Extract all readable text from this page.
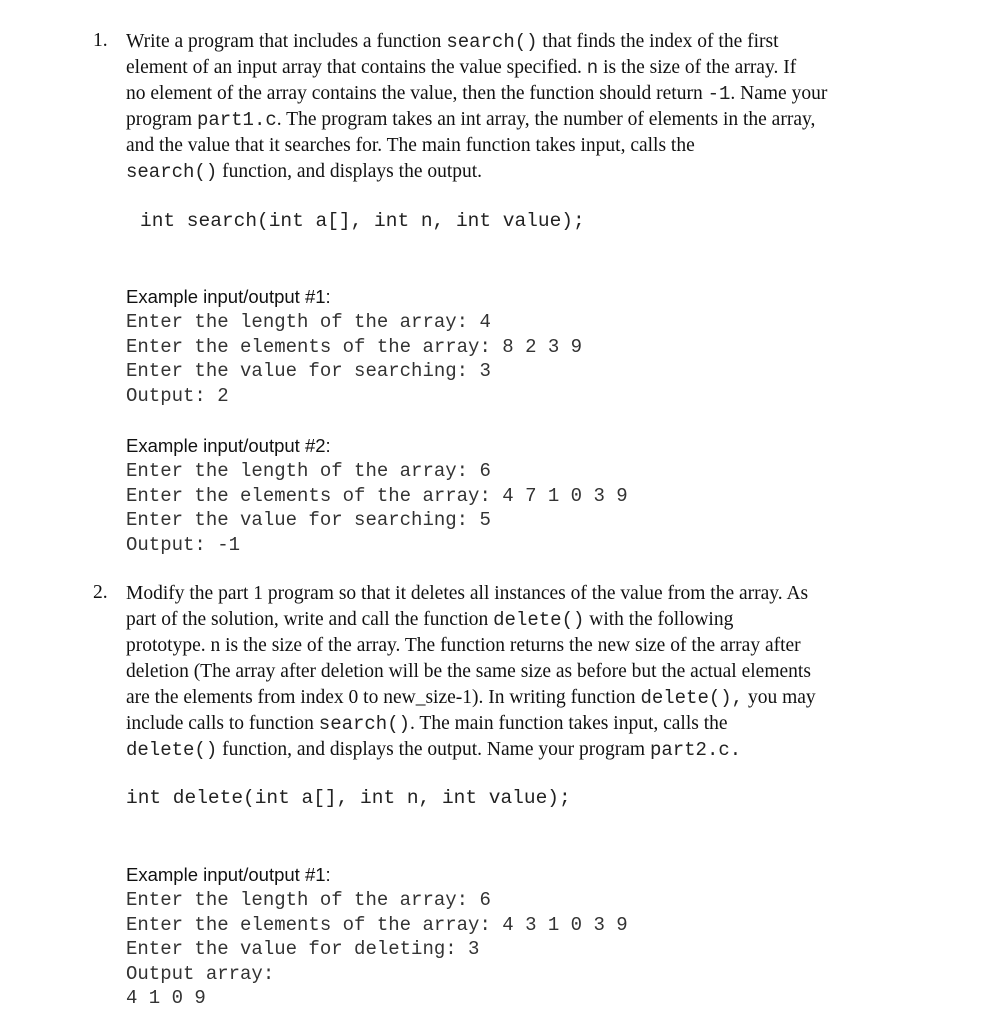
1. Write a program that includes a function search() that finds the index of the first
element of an input array that contains the value specified. n is the size of the array. If
no element of the array contains the value, then the function should return -1. Name your
program part1.c. The program takes an int array, the number of elements in the array,
and the value that it searches for. The main function takes input, calls the
search() function, and displays the output.
int search(int a[], int n, int value);
Example input/output #1:
Enter the length of the array: 4
Enter the elements of the array: 8 2 3 9
Enter the value for searching: 3
Output: 2
Example input/output #2:
Enter the length of the array: 6
Enter the elements of the array: 4 7 1 0 3 9
Enter the value for searching: 5
Output: -1
2. Modify the part 1 program so that it deletes all instances of the value from the array. As
part of the solution, write and call the function delete() with the following
prototype. n is the size of the array. The function returns the new size of the array after
deletion (The array after deletion will be the same size as before but the actual elements
are the elements from index 0 to new_size-1). In writing function delete(), you may
include calls to function search(). The main function takes input, calls the
delete() function, and displays the output. Name your program part2.c.
int delete(int a[], int n, int value);
Example input/output #1:
Enter the length of the array: 6
Enter the elements of the array: 4 3 1 0 3 9
Enter the value for deleting: 3
Output array:
4 1 0 9
